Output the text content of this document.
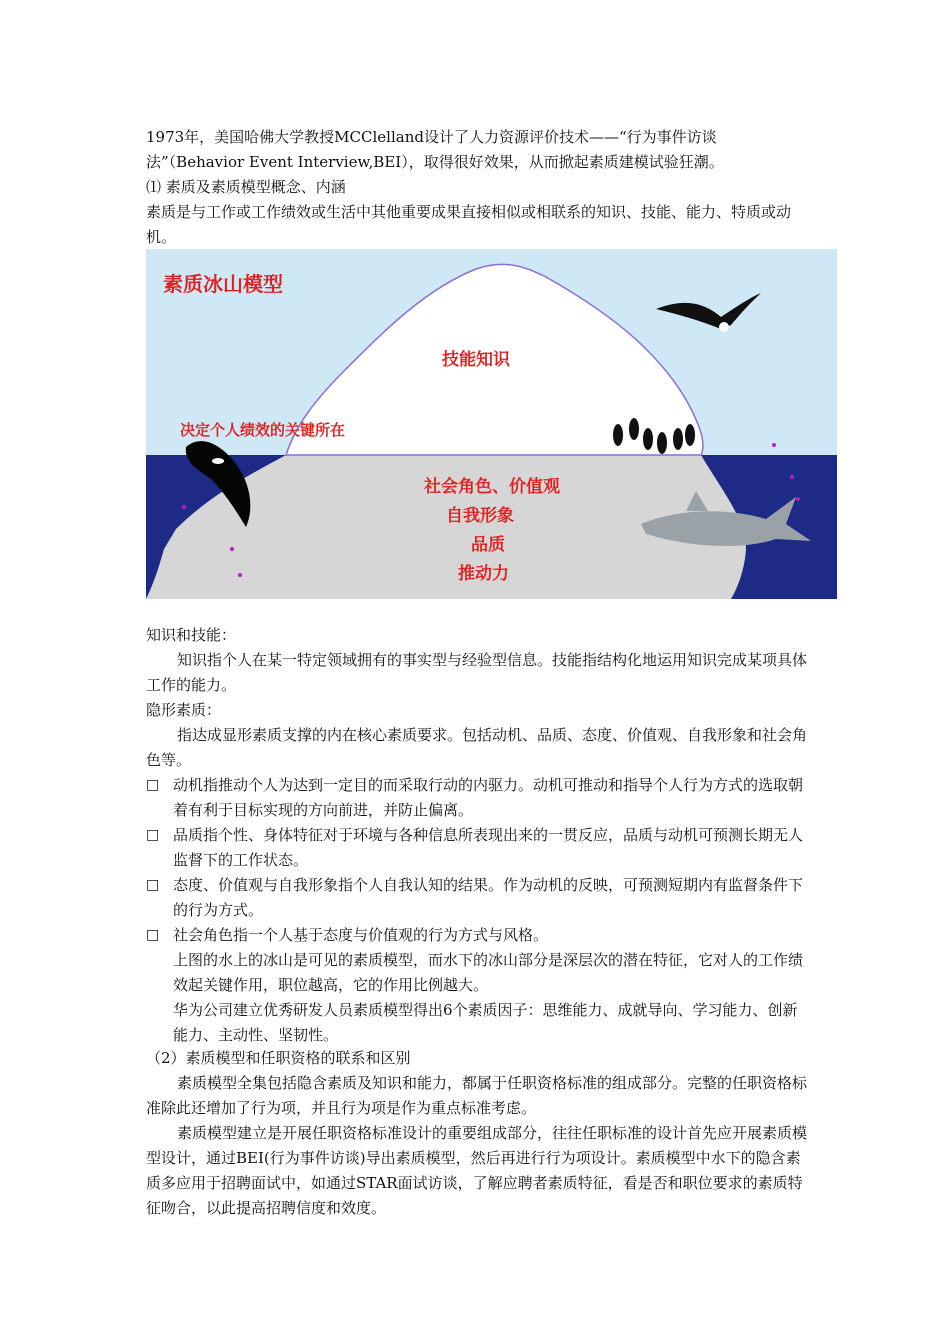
1973年，美国哈佛大学教授MCClelland设计了人力资源评价技术——“行为事件访谈法”（Behavior Event Interview,BEI），取得很好效果，从而掀起素质建模试验狂潮。

⑴ 素质及素质模型概念、内涵

素质是与工作或工作绩效或生活中其他重要成果直接相似或相联系的知识、技能、能力、特质或动机。

素质冰山模型
技能知识
决定个人绩效的关键所在
社会角色、价值观
自我形象
品质
推动力

知识和技能：

知识指个人在某一特定领域拥有的事实型与经验型信息。技能指结构化地运用知识完成某项具体工作的能力。

隐形素质：

指达成显形素质支撑的内在核心素质要求。包括动机、品质、态度、价值观、自我形象和社会角色等。

□ 动机指推动个人为达到一定目的而采取行动的内驱力。动机可推动和指导个人行为方式的选取朝着有利于目标实现的方向前进，并防止偏离。
□ 品质指个性、身体特征对于环境与各种信息所表现出来的一贯反应，品质与动机可预测长期无人监督下的工作状态。
□ 态度、价值观与自我形象指个人自我认知的结果。作为动机的反映，可预测短期内有监督条件下的行为方式。
□ 社会角色指一个人基于态度与价值观的行为方式与风格。

上图的水上的冰山是可见的素质模型，而水下的冰山部分是深层次的潜在特征，它对人的工作绩效起关键作用，职位越高，它的作用比例越大。

华为公司建立优秀研发人员素质模型得出6个素质因子：思维能力、成就导向、学习能力、创新能力、主动性、坚韧性。

（2）素质模型和任职资格的联系和区别

素质模型全集包括隐含素质及知识和能力，都属于任职资格标准的组成部分。完整的任职资格标准除此还增加了行为项，并且行为项是作为重点标准考虑。

素质模型建立是开展任职资格标准设计的重要组成部分，往往任职标准的设计首先应开展素质模型设计，通过BEI(行为事件访谈)导出素质模型，然后再进行行为项设计。素质模型中水下的隐含素质多应用于招聘面试中，如通过STAR面试访谈，了解应聘者素质特征，看是否和职位要求的素质特征吻合，以此提高招聘信度和效度。
